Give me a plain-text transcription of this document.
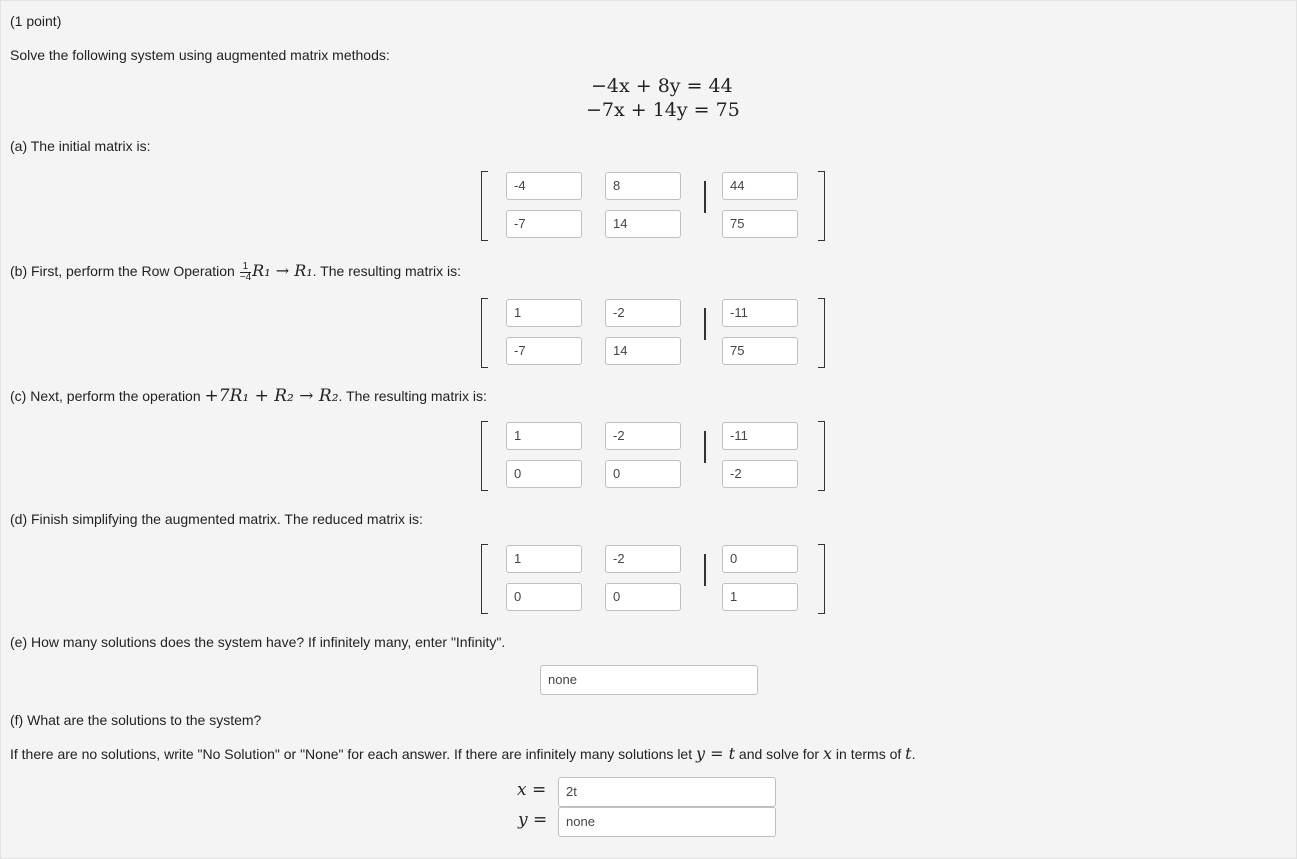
(1 point)
Solve the following system using augmented matrix methods:
−4x + 8y = 44
−7x + 14y = 75
(a) The initial matrix is:
-4	8	44
-7	14	75
(b) First, perform the Row Operation $\frac{1}{-4} R_1 \to R_1$. The resulting matrix is:
1	-2	-11
-7	14	75
(c) Next, perform the operation +7R₁ + R₂ → R₂. The resulting matrix is:
1	-2	-11
0	0	-2
(d) Finish simplifying the augmented matrix. The reduced matrix is:
1	-2	0
0	0	1
(e) How many solutions does the system have? If infinitely many, enter "Infinity".
none
(f) What are the solutions to the system?
If there are no solutions, write "No Solution" or "None" for each answer. If there are infinitely many solutions let y = t and solve for x in terms of t.
x =	2t
y =	none
